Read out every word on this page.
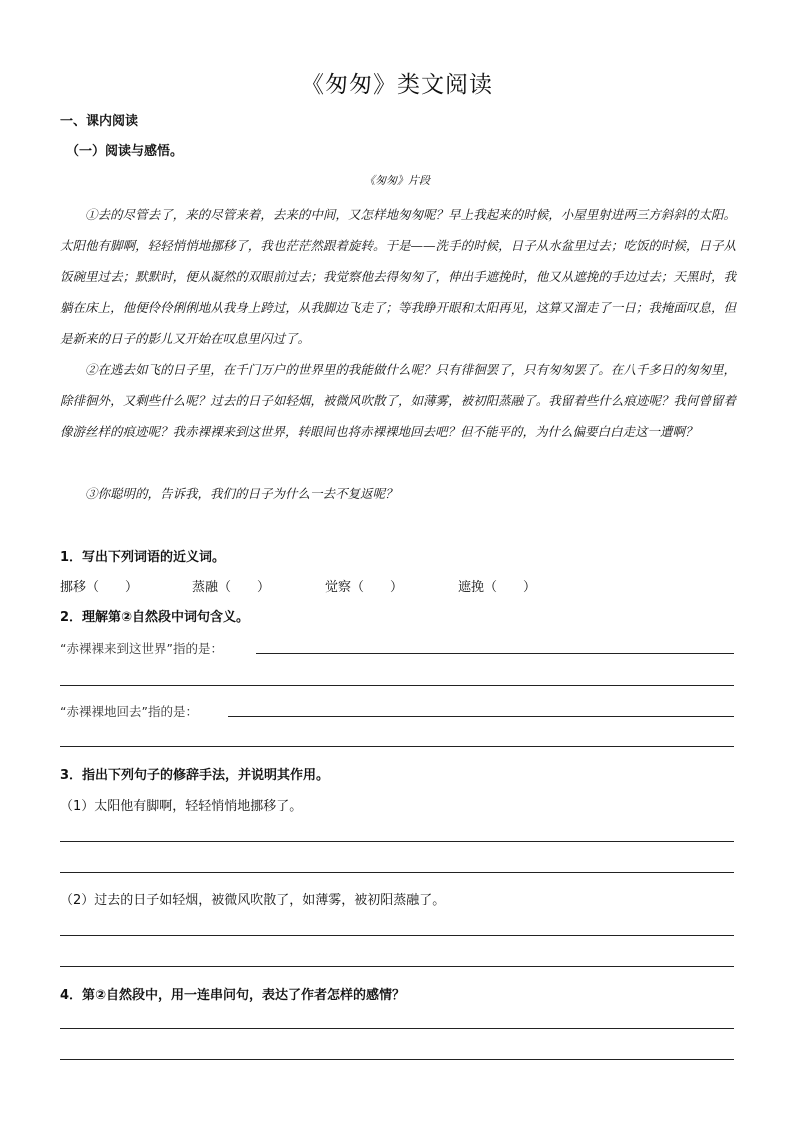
《匆匆》类文阅读
一、课内阅读
（一）阅读与感悟。
《匆匆》片段
①去的尽管去了，来的尽管来着，去来的中间，又怎样地匆匆呢？早上我起来的时候，小屋里射进两三方斜斜的太阳。太阳他有脚啊，轻轻悄悄地挪移了，我也茫茫然跟着旋转。于是——洗手的时候，日子从水盆里过去；吃饭的时候，日子从饭碗里过去；默默时，便从凝然的双眼前过去；我觉察他去得匆匆了，伸出手遮挽时，他又从遮挽的手边过去；天黑时，我躺在床上，他便伶伶俐俐地从我身上跨过，从我脚边飞走了；等我睁开眼和太阳再见，这算又溜走了一日；我掩面叹息，但是新来的日子的影儿又开始在叹息里闪过了。
②在逃去如飞的日子里，在千门万户的世界里的我能做什么呢？只有徘徊罢了，只有匆匆罢了。在八千多日的匆匆里，除徘徊外，又剩些什么呢？过去的日子如轻烟，被微风吹散了，如薄雾，被初阳蒸融了。我留着些什么痕迹呢？我何曾留着像游丝样的痕迹呢？我赤裸裸来到这世界，转眼间也将赤裸裸地回去吧？但不能平的，为什么偏要白白走这一遭啊？
③你聪明的，告诉我，我们的日子为什么一去不复返呢？
1．写出下列词语的近义词。
挪移（　　）	蒸融（　　）	觉察（　　）	遮挽（　　）
2．理解第②自然段中词句含义。
“赤裸裸来到这世界”指的是：
“赤裸裸地回去”指的是：
3．指出下列句子的修辞手法，并说明其作用。
（1）太阳他有脚啊，轻轻悄悄地挪移了。
（2）过去的日子如轻烟，被微风吹散了，如薄雾，被初阳蒸融了。
4．第②自然段中，用一连串问句，表达了作者怎样的感情？
